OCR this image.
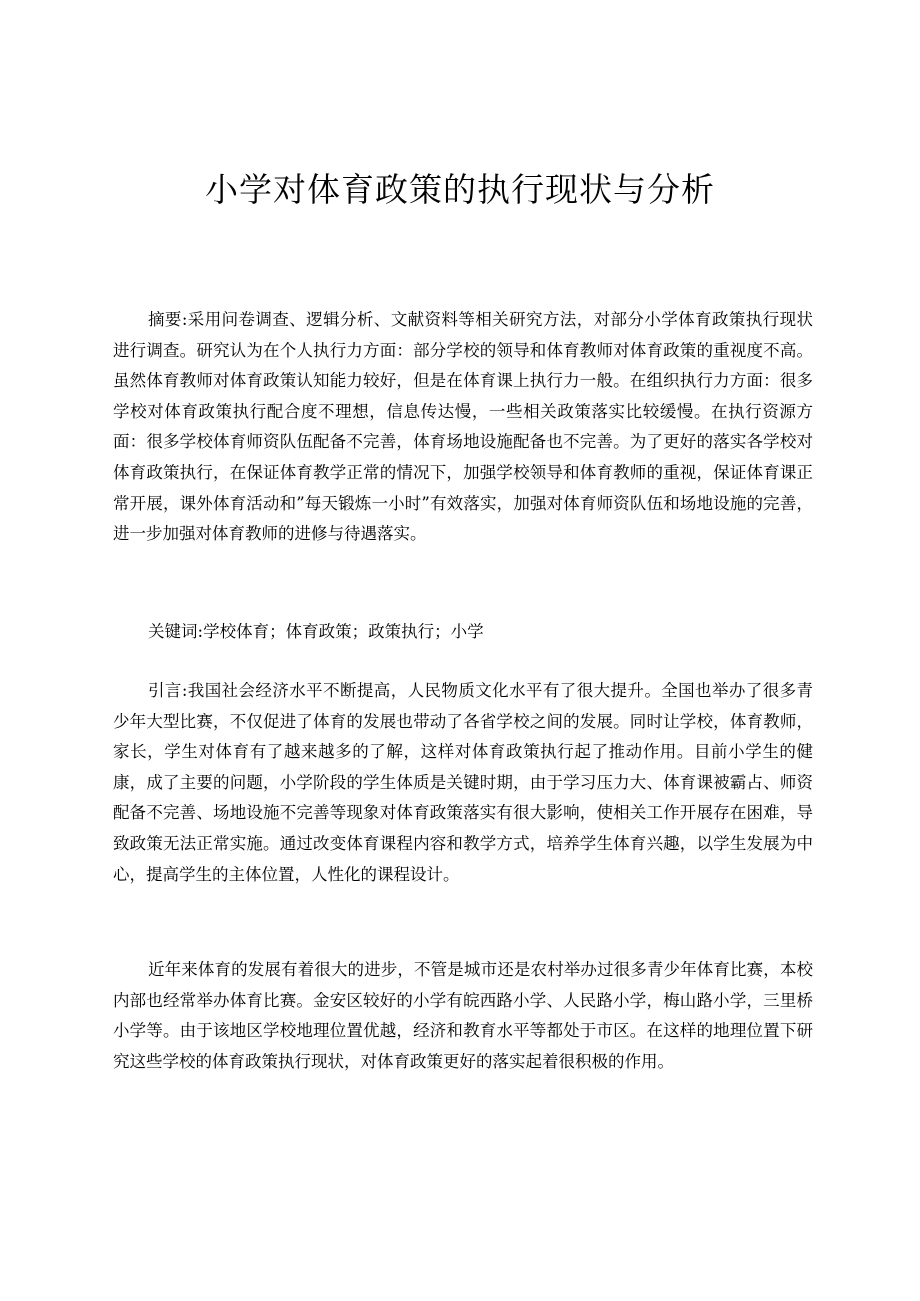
小学对体育政策的执行现状与分析

摘要:采用问卷调查、逻辑分析、文献资料等相关研究方法，对部分小学体育政策执行现状进行调查。研究认为在个人执行力方面：部分学校的领导和体育教师对体育政策的重视度不高。虽然体育教师对体育政策认知能力较好，但是在体育课上执行力一般。在组织执行力方面：很多学校对体育政策执行配合度不理想，信息传达慢，一些相关政策落实比较缓慢。在执行资源方面：很多学校体育师资队伍配备不完善，体育场地设施配备也不完善。为了更好的落实各学校对体育政策执行，在保证体育教学正常的情况下，加强学校领导和体育教师的重视，保证体育课正常开展，课外体育活动和”每天锻炼一小时”有效落实，加强对体育师资队伍和场地设施的完善，进一步加强对体育教师的进修与待遇落实。

关键词:学校体育；体育政策；政策执行；小学

引言:我国社会经济水平不断提高，人民物质文化水平有了很大提升。全国也举办了很多青少年大型比赛，不仅促进了体育的发展也带动了各省学校之间的发展。同时让学校，体育教师，家长，学生对体育有了越来越多的了解，这样对体育政策执行起了推动作用。目前小学生的健康，成了主要的问题，小学阶段的学生体质是关键时期，由于学习压力大、体育课被霸占、师资配备不完善、场地设施不完善等现象对体育政策落实有很大影响，使相关工作开展存在困难，导致政策无法正常实施。通过改变体育课程内容和教学方式，培养学生体育兴趣，以学生发展为中心，提高学生的主体位置，人性化的课程设计。

近年来体育的发展有着很大的进步，不管是城市还是农村举办过很多青少年体育比赛，本校内部也经常举办体育比赛。金安区较好的小学有皖西路小学、人民路小学，梅山路小学，三里桥小学等。由于该地区学校地理位置优越，经济和教育水平等都处于市区。在这样的地理位置下研究这些学校的体育政策执行现状，对体育政策更好的落实起着很积极的作用。
